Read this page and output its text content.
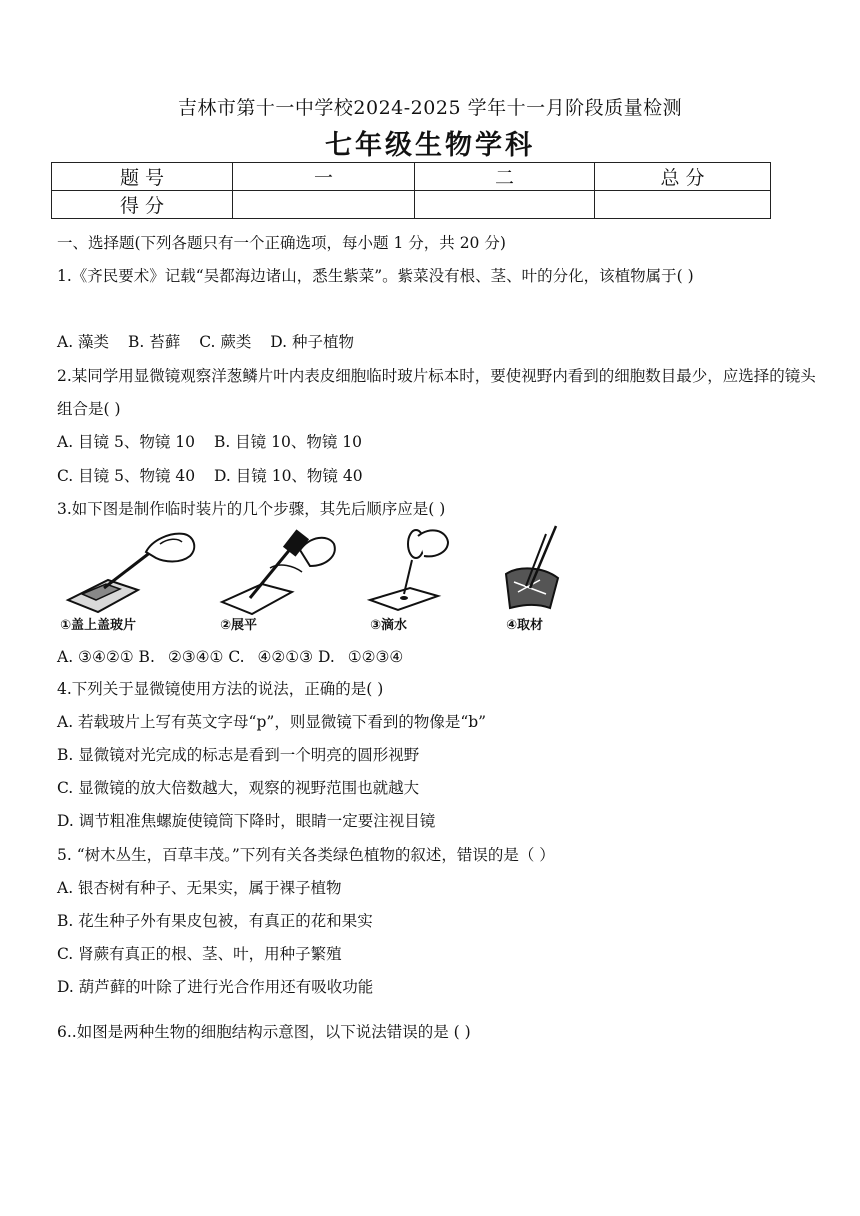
吉林市第十一中学校2024-2025 学年十一月阶段质量检测
七年级生物学科
题 号	一	二	总 分
得 分			
一、选择题(下列各题只有一个正确选项，每小题 1 分，共 20 分)
1.《齐民要术》记载“吴都海边诸山，悉生紫菜”。紫菜没有根、茎、叶的分化，该植物属于( )
A. 藻类 B. 苔藓 C. 蕨类 D. 种子植物
2.某同学用显微镜观察洋葱鳞片叶内表皮细胞临时玻片标本时，要使视野内看到的细胞数目最少，应选择的镜头组合是( )
A. 目镜 5、物镜 10 B. 目镜 10、物镜 10
C. 目镜 5、物镜 40 D. 目镜 10、物镜 40
3.如下图是制作临时装片的几个步骤，其先后顺序应是( )
①盖上盖玻片	②展平	③滴水	④取材
A. ③④②① B. ②③④① C. ④②①③ D. ①②③④
4.下列关于显微镜使用方法的说法，正确的是( )
A. 若载玻片上写有英文字母“p”，则显微镜下看到的物像是“b”
B. 显微镜对光完成的标志是看到一个明亮的圆形视野
C. 显微镜的放大倍数越大，观察的视野范围也就越大
D. 调节粗准焦螺旋使镜筒下降时，眼睛一定要注视目镜
5. “树木丛生，百草丰茂。”下列有关各类绿色植物的叙述，错误的是（ ）
A. 银杏树有种子、无果实，属于裸子植物
B. 花生种子外有果皮包被，有真正的花和果实
C. 肾蕨有真正的根、茎、叶，用种子繁殖
D. 葫芦藓的叶除了进行光合作用还有吸收功能
6..如图是两种生物的细胞结构示意图，以下说法错误的是 ( )
